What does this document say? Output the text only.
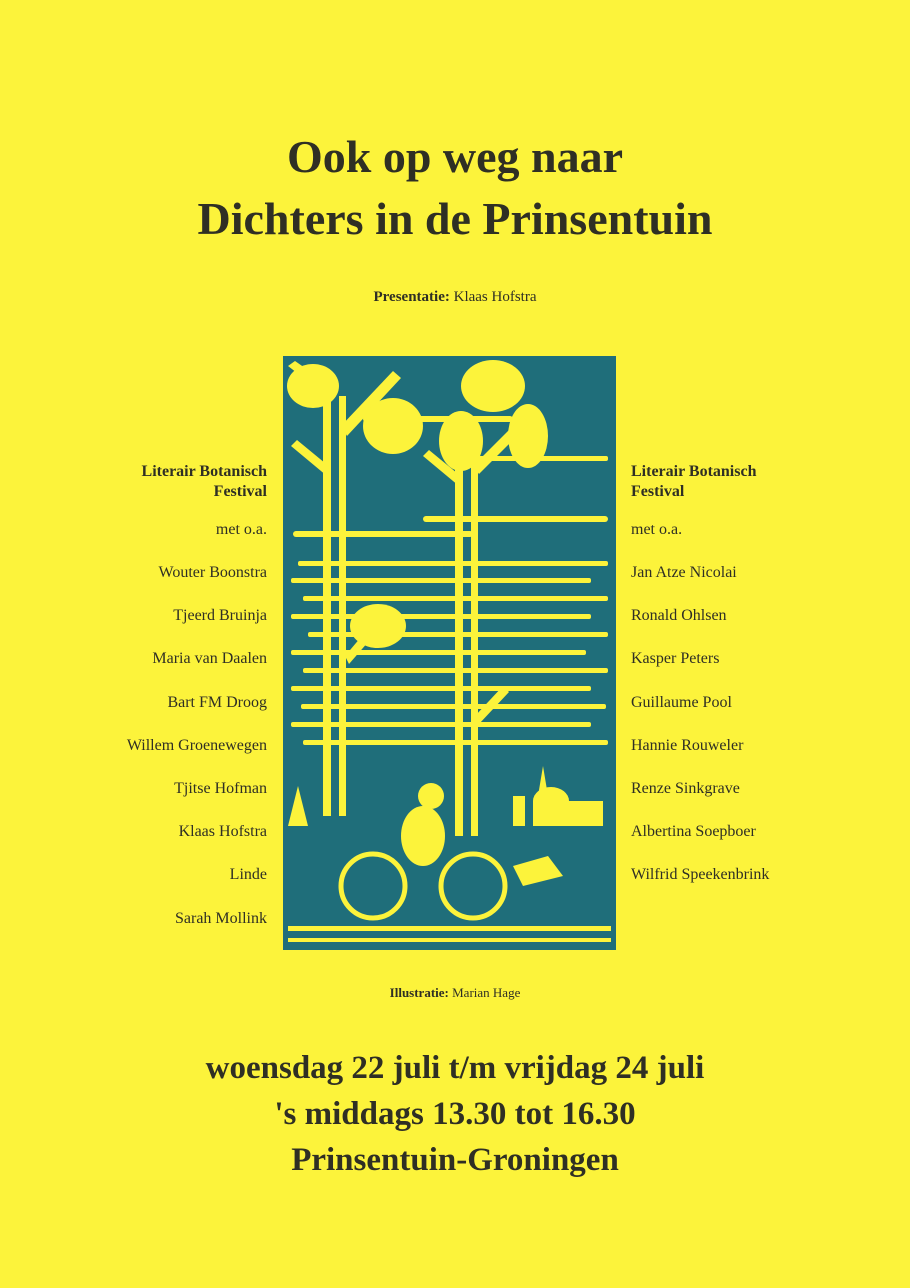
Ook op weg naar
Dichters in de Prinsentuin
Presentatie: Klaas Hofstra
Literair Botanisch
Festival
met o.a.
Wouter Boonstra
Tjeerd Bruinja
Maria van Daalen
Bart FM Droog
Willem Groenewegen
Tjitse Hofman
Klaas Hofstra
Linde
Sarah Mollink
Literair Botanisch
Festival
met o.a.
Jan Atze Nicolai
Ronald Ohlsen
Kasper Peters
Guillaume Pool
Hannie Rouweler
Renze Sinkgrave
Albertina Soepboer
Wilfrid Speekenbrink
Illustratie: Marian Hage
woensdag 22 juli t/m vrijdag 24 juli
's middags 13.30 tot 16.30
Prinsentuin-Groningen
